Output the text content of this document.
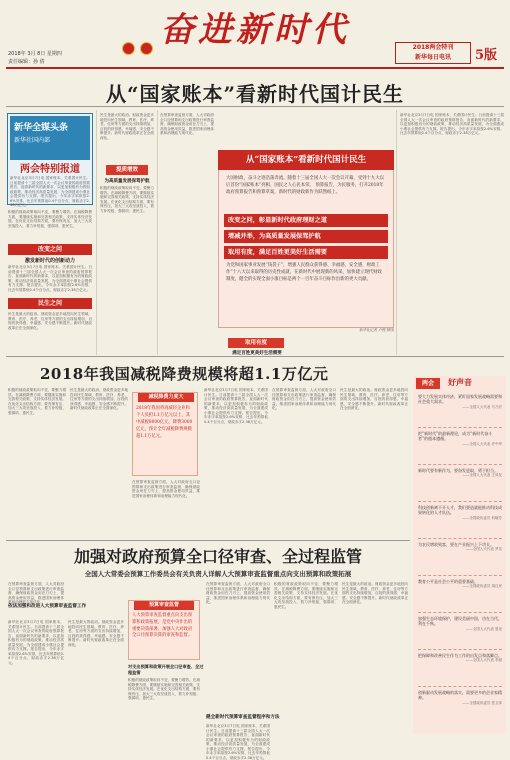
奋进新时代
2018年 3月 8日 星期四
责任编辑：孙 倩
2018两会特刊
新华每日电讯	5版
从“国家账本”看新时代国计民生
新华全媒头条
新华社国内部
两会特别报道
新华社北京3月7日电 国家账本，关系国计民生。日前提请十三届全国人大一次会议审查的政府预算报告，直面新时代的新要求，以更加积极有为的财政政策，推动经济高质量发展，为全面建成小康社会提供有力支撑。报告提出，今年赤字率拟按2.6%安排，比去年预算低0.4个百分点，财政赤字2.38万亿元。
积极的财政政策取向不变，要聚力增效。在减税降费方面，要继续实施和完善相关政策，支持实体经济发展。在优化支出结构方面，要有保有压，加大三大攻坚战投入，着力补短板、强弱项、惠民生。
改变之问
激发新时代的创新动力
新华社北京3月7日电 国家账本，关系国计民生。日前提请十三届全国人大一次会议审查的政府预算报告，直面新时代的新要求，以更加积极有为的财政政策，推动经济高质量发展，为全面建成小康社会提供有力支撑。报告提出，今年赤字率拟按2.6%安排，比去年预算低0.4个百分点，财政赤字2.38万亿元。
民生之问
民生是最大的政治。财政资金更多地投向民生领域，教育、医疗、养老、住房等方面的支出持续增加，百姓的获得感、幸福感、安全感不断提升。新时代财政改革正在全面深化。
民生是最大的政治。财政资金更多地投向民生领域，教育、医疗、养老、住房等方面的支出持续增加，百姓的获得感、幸福感、安全感不断提升。新时代财政改革正在全面深化。
提质增效
为高质量发展保驾护航
积极的财政政策取向不变，要聚力增效。在减税降费方面，要继续实施和完善相关政策，支持实体经济发展。在优化支出结构方面，要有保有压，加大三大攻坚战投入，着力补短板、强弱项、惠民生。
在预算审查监督方面，人大对政府全口径预算和支出政策进行审查监督，确保财政资金用在刀刃上，提高资金使用效益，推进国家治理体系和治理能力现代化。
从“国家账本”看新时代国计民生
大国财政，奋斗之迹浩荡奔流。随着十三届全国人大一次会议开幕，受到十九大以后首份“国家账本”亮相，国民之人心民本荣。 预算报告，为民服务，打开2018年政府预算报告和预算草案，新时代的财政新作为跃然纸上。
改变之问，彰显新时代政府理财之道
增减并举，为高质量发展保驾护航
取用有度，满足百姓更美好生活需要
为党和国家事业发展“钱袋子”，增强人民群众获得感、幸福感、安全感，财政工作“十八大以来取得的历史性成就，在新时代中展现新的风采，加快建立现代财政制度，健全的实现全面小康目标是两个一百年奋斗目标作出新的更大贡献。
新华社记者 卢俊 制图
取用有度
满足百姓更美好生活需要
新华社北京3月7日电 国家账本，关系国计民生。日前提请十三届全国人大一次会议审查的政府预算报告，直面新时代的新要求，以更加积极有为的财政政策，推动经济高质量发展，为全面建成小康社会提供有力支撑。报告提出，今年赤字率拟按2.6%安排，比去年预算低0.4个百分点，财政赤字2.38万亿元。
2018年我国减税降费规模将超1.1万亿元
积极的财政政策取向不变，要聚力增效。在减税降费方面，要继续实施和完善相关政策，支持实体经济发展。在优化支出结构方面，要有保有压，加大三大攻坚战投入，着力补短板、强弱项、惠民生。
民生是最大的政治。财政资金更多地投向民生领域，教育、医疗、养老、住房等方面的支出持续增加，百姓的获得感、幸福感、安全感不断提升。新时代财政改革正在全面深化。
减税降费力度大
2018年我国将再减轻企业和个人负担1.1万亿元以上，其中减税8000亿元，降费3000亿元，预计全年减税降费规模超1.1万亿元。
在预算审查监督方面，人大对政府全口径预算和支出政策进行审查监督，确保财政资金用在刀刃上，提高资金使用效益，推进国家治理体系和治理能力现代化。
新华社北京3月7日电 国家账本，关系国计民生。日前提请十三届全国人大一次会议审查的政府预算报告，直面新时代的新要求，以更加积极有为的财政政策，推动经济高质量发展，为全面建成小康社会提供有力支撑。报告提出，今年赤字率拟按2.6%安排，比去年预算低0.4个百分点，财政赤字2.38万亿元。
在预算审查监督方面，人大对政府全口径预算和支出政策进行审查监督，确保财政资金用在刀刃上，提高资金使用效益，推进国家治理体系和治理能力现代化。
民生是最大的政治。财政资金更多地投向民生领域，教育、医疗、养老、住房等方面的支出持续增加，百姓的获得感、幸福感、安全感不断提升。新时代财政改革正在全面深化。
两会	好声音
要大力发展实体经济，紧盯国家发展战略需要和社会重大需求。
——全国人大代表 马乃宏
把“新时代”的最新理论，成为“新时代奋斗者”的根本遵循。
——全国人大代表 许中华
新时代要有新作为，要奋发进取，勇于担当。
——全国人大代表 王凤仪
科技创新离不开人才，我们要造就能推动科技成果转化的人才队伍。
——全国政协委员 何晓芳
为农民增收致富，要在产业振兴上下功夫。
——全国人大代表 罗英
教育公平是社会公平的重要基础。
——全国政协委员 周汉民
加强生态环境保护，建设美丽中国，功在当代，利在千秋。
——全国人大代表 夏尧
把保障和改善民生作为工作的出发点和落脚点。
——全国人大代表 李斌
创新驱动发展战略的落实，需要更多的企业家精神。
——全国政协委员 张玉萍
加强对政府预算全口径审查、全过程监管
全国人大常委会预算工作委员会有关负责人详解人大预算审查监督重点向支出预算和政策拓展
在预算审查监督方面，人大对政府全口径预算和支出政策进行审查监督，确保财政资金用在刀刃上，提高资金使用效益，推进国家治理体系和治理能力现代化。
依法加强和改进人大预算审查监督工作
新华社北京3月7日电 国家账本，关系国计民生。日前提请十三届全国人大一次会议审查的政府预算报告，直面新时代的新要求，以更加积极有为的财政政策，推动经济高质量发展，为全面建成小康社会提供有力支撑。报告提出，今年赤字率拟按2.6%安排，比去年预算低0.4个百分点，财政赤字2.38万亿元。
民生是最大的政治。财政资金更多地投向民生领域，教育、医疗、养老、住房等方面的支出持续增加，百姓的获得感、幸福感、安全感不断提升。新时代财政改革正在全面深化。
预算审查监督
人大预算审查监督重点向支出预算和政策拓展，是党中央作出的重要决策部署，加强人大对政府全口径预算决算的审查和监督。
对支出预算和政策开展全口径审查、全过程监管
积极的财政政策取向不变，要聚力增效。在减税降费方面，要继续实施和完善相关政策，支持实体经济发展。在优化支出结构方面，要有保有压，加大三大攻坚战投入，着力补短板、强弱项、惠民生。
在预算审查监督方面，人大对政府全口径预算和支出政策进行审查监督，确保财政资金用在刀刃上，提高资金使用效益，推进国家治理体系和治理能力现代化。
健全新时代预算审查监督程序和方法
新华社北京3月7日电 国家账本，关系国计民生。日前提请十三届全国人大一次会议审查的政府预算报告，直面新时代的新要求，以更加积极有为的财政政策，推动经济高质量发展，为全面建成小康社会提供有力支撑。报告提出，今年赤字率拟按2.6%安排，比去年预算低0.4个百分点，财政赤字2.38万亿元。
积极的财政政策取向不变，要聚力增效。在减税降费方面，要继续实施和完善相关政策，支持实体经济发展。在优化支出结构方面，要有保有压，加大三大攻坚战投入，着力补短板、强弱项、惠民生。
民生是最大的政治。财政资金更多地投向民生领域，教育、医疗、养老、住房等方面的支出持续增加，百姓的获得感、幸福感、安全感不断提升。新时代财政改革正在全面深化。
